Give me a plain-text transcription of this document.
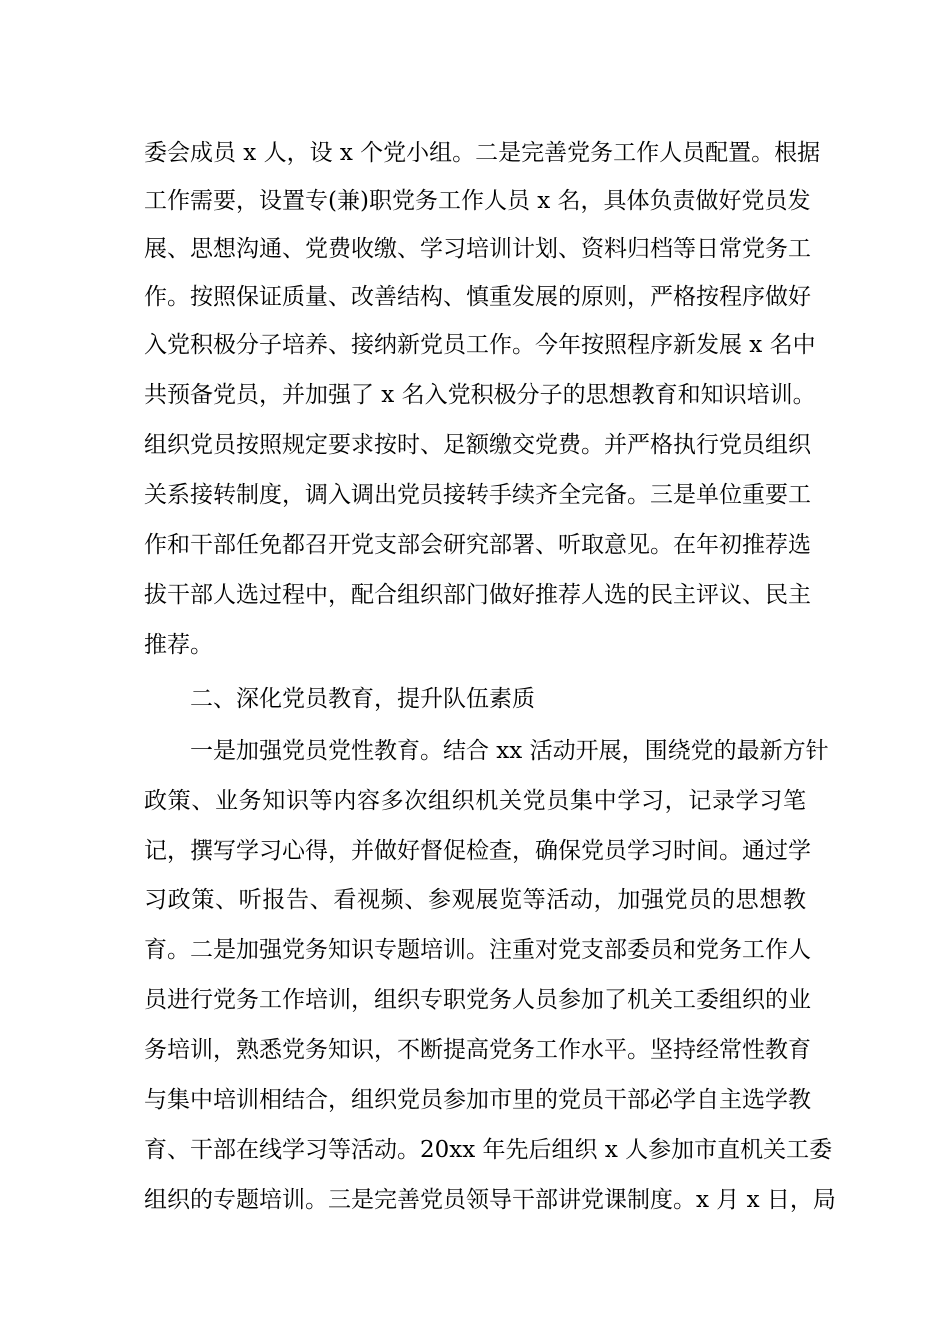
委会成员 x 人，设 x 个党小组。二是完善党务工作人员配置。根据
工作需要，设置专(兼)职党务工作人员 x 名，具体负责做好党员发
展、思想沟通、党费收缴、学习培训计划、资料归档等日常党务工
作。按照保证质量、改善结构、慎重发展的原则，严格按程序做好
入党积极分子培养、接纳新党员工作。今年按照程序新发展 x 名中
共预备党员，并加强了 x 名入党积极分子的思想教育和知识培训。
组织党员按照规定要求按时、足额缴交党费。并严格执行党员组织
关系接转制度，调入调出党员接转手续齐全完备。三是单位重要工
作和干部任免都召开党支部会研究部署、听取意见。在年初推荐选
拔干部人选过程中，配合组织部门做好推荐人选的民主评议、民主
推荐。
二、深化党员教育，提升队伍素质
一是加强党员党性教育。结合 xx 活动开展，围绕党的最新方针
政策、业务知识等内容多次组织机关党员集中学习，记录学习笔
记，撰写学习心得，并做好督促检查，确保党员学习时间。通过学
习政策、听报告、看视频、参观展览等活动，加强党员的思想教
育。二是加强党务知识专题培训。注重对党支部委员和党务工作人
员进行党务工作培训，组织专职党务人员参加了机关工委组织的业
务培训，熟悉党务知识，不断提高党务工作水平。坚持经常性教育
与集中培训相结合，组织党员参加市里的党员干部必学自主选学教
育、干部在线学习等活动。20xx 年先后组织 x 人参加市直机关工委
组织的专题培训。三是完善党员领导干部讲党课制度。x 月 x 日，局
